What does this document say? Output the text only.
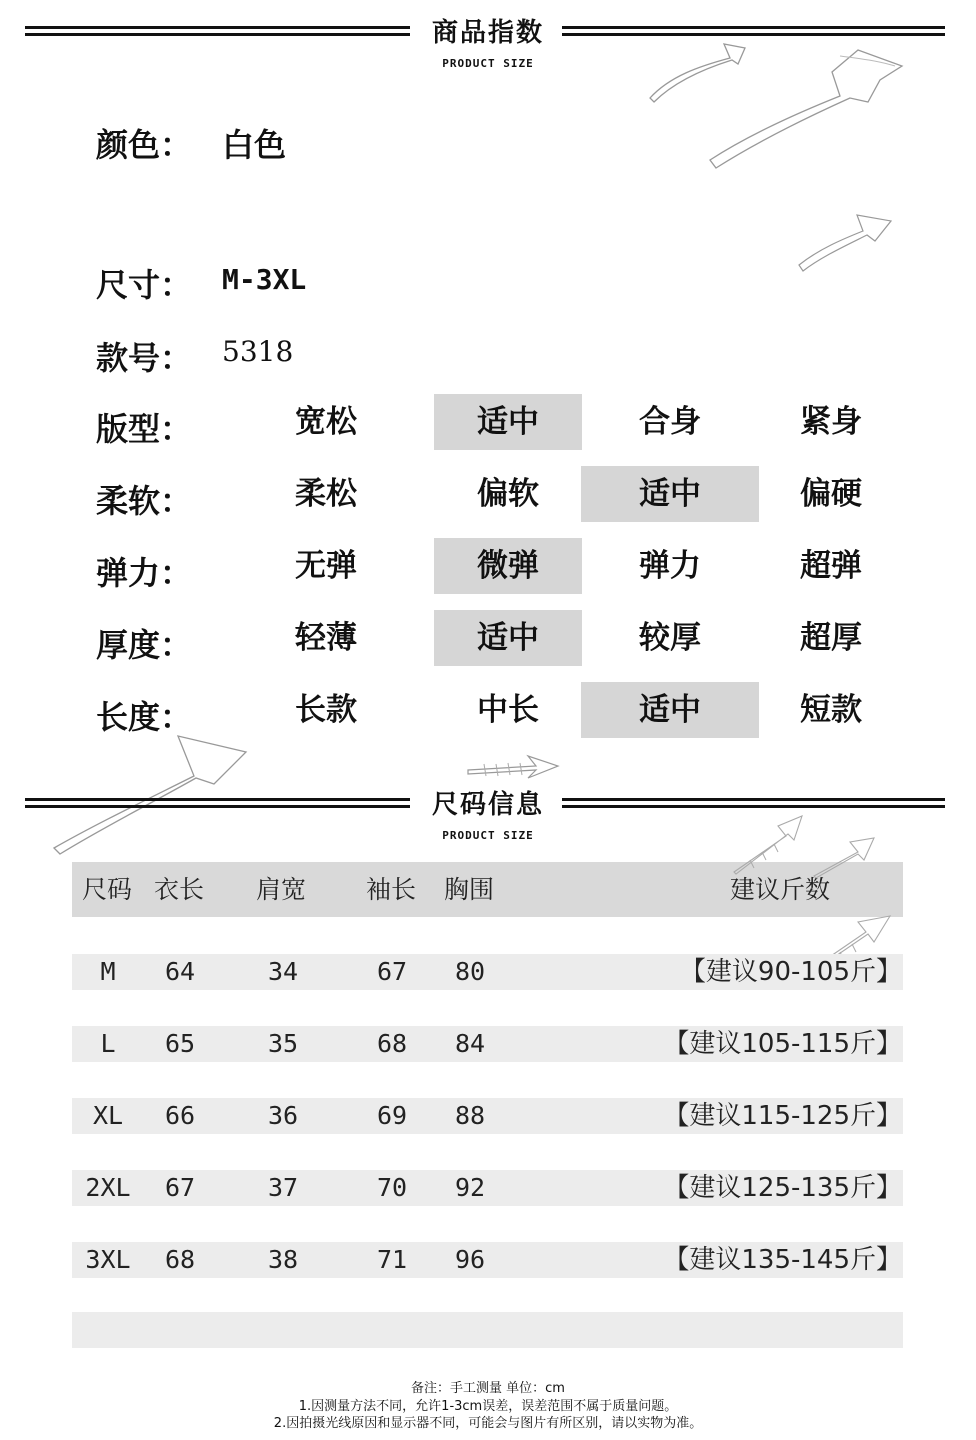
商品指数
PRODUCT SIZE
颜色： 白色
尺寸： M-3XL
款号： 5318
版型：	宽松	适中	合身	紧身
柔软：	柔松	偏软	适中	偏硬
弹力：	无弹	微弹	弹力	超弹
厚度：	轻薄	适中	较厚	超厚
长度：	长款	中长	适中	短款
尺码信息
PRODUCT SIZE
尺码 衣长 肩宽 袖长 胸围	建议斤数
M	64	34	67 80	【建议90-105斤】
L	65	35	68 84	【建议105-115斤】
XL	66	36	69 88	【建议115-125斤】
2XL	67	37	70 92	【建议125-135斤】
3XL	68	38	71 96	【建议135-145斤】
备注：手工测量 单位：cm
1.因测量方法不同，允许1-3cm误差，误差范围不属于质量问题。
2.因拍摄光线原因和显示器不同，可能会与图片有所区别，请以实物为准。
